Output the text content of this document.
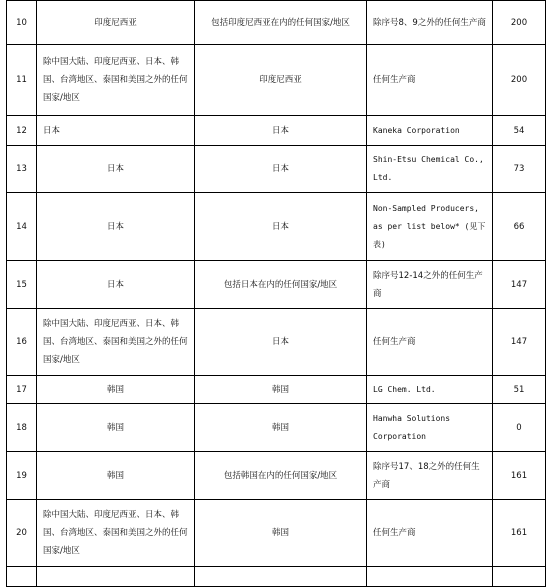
10	印度尼西亚	包括印度尼西亚在内的任何国家/地区	除序号8、9之外的任何生产商	200
11	除中国大陆、印度尼西亚、日本、韩国、台湾地区、泰国和美国之外的任何国家/地区	印度尼西亚	任何生产商	200
12	日本	日本	Kaneka Corporation	54
13	日本	日本	Shin-Etsu Chemical Co., Ltd.	73
14	日本	日本	Non-Sampled Producers, as per list below* (见下表)	66
15	日本	包括日本在内的任何国家/地区	除序号12-14之外的任何生产商	147
16	除中国大陆、印度尼西亚、日本、韩国、台湾地区、泰国和美国之外的任何国家/地区	日本	任何生产商	147
17	韩国	韩国	LG Chem. Ltd.	51
18	韩国	韩国	Hanwha Solutions Corporation	0
19	韩国	包括韩国在内的任何国家/地区	除序号17、18之外的任何生产商	161
20	除中国大陆、印度尼西亚、日本、韩国、台湾地区、泰国和美国之外的任何国家/地区	韩国	任何生产商	161
